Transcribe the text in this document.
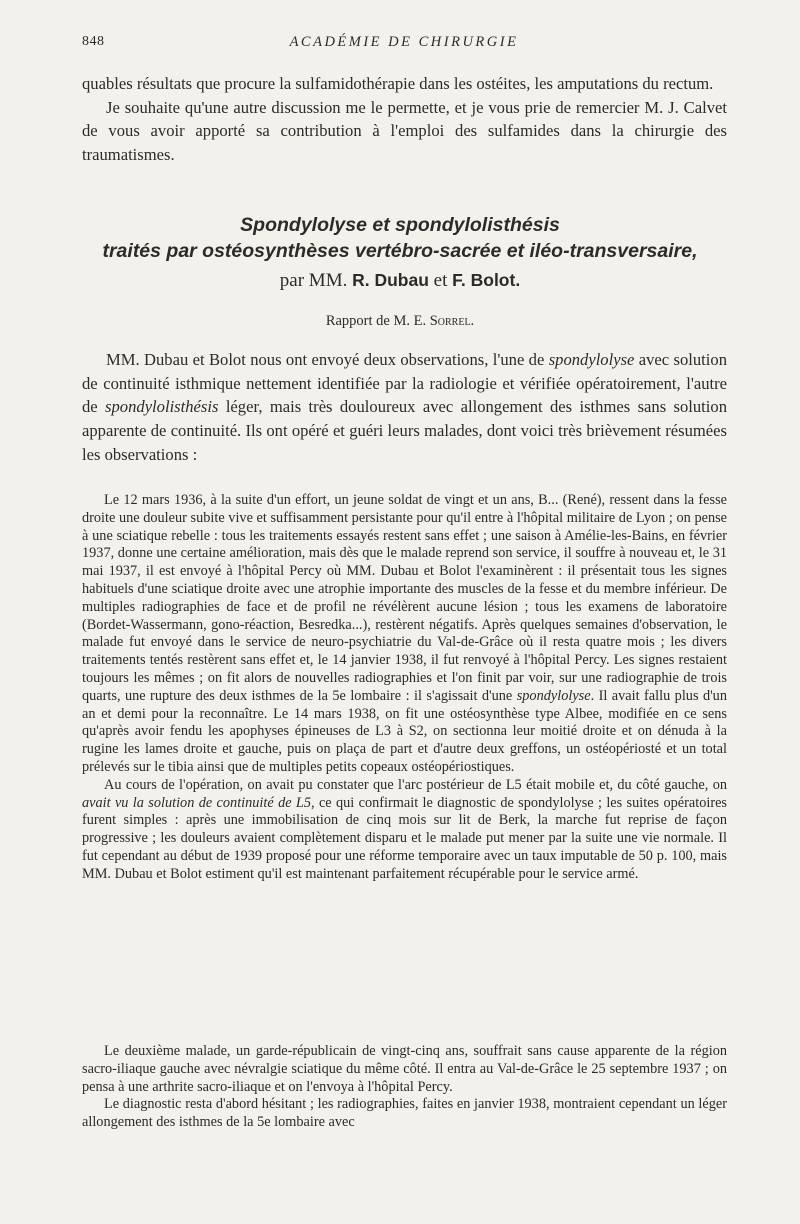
848	ACADÉMIE DE CHIRURGIE

quables résultats que procure la sulfamidothérapie dans les ostéites, les amputations du rectum.

Je souhaite qu'une autre discussion me le permette, et je vous prie de remercier M. J. Calvet de vous avoir apporté sa contribution à l'emploi des sulfamides dans la chirurgie des traumatismes.

Spondylolyse et spondylolisthésis
traités par ostéosynthèses vertébro-sacrée et iléo-transversaire,
par MM. R. Dubau et F. Bolot.
Rapport de M. E. Sorrel.

MM. Dubau et Bolot nous ont envoyé deux observations, l'une de spondylolyse avec solution de continuité isthmique nettement identifiée par la radiologie et vérifiée opératoirement, l'autre de spondylolisthésis léger, mais très douloureux avec allongement des isthmes sans solution apparente de continuité. Ils ont opéré et guéri leurs malades, dont voici très brièvement résumées les observations :

Le 12 mars 1936, à la suite d'un effort, un jeune soldat de vingt et un ans, B... (René), ressent dans la fesse droite une douleur subite vive et suffisamment persistante pour qu'il entre à l'hôpital militaire de Lyon ; on pense à une sciatique rebelle : tous les traitements essayés restent sans effet ; une saison à Amélie-les-Bains, en février 1937, donne une certaine amélioration, mais dès que le malade reprend son service, il souffre à nouveau et, le 31 mai 1937, il est envoyé à l'hôpital Percy où MM. Dubau et Bolot l'examinèrent : il présentait tous les signes habituels d'une sciatique droite avec une atrophie importante des muscles de la fesse et du membre inférieur. De multiples radiographies de face et de profil ne révélèrent aucune lésion ; tous les examens de laboratoire (Bordet-Wassermann, gono-réaction, Besredka...), restèrent négatifs. Après quelques semaines d'observation, le malade fut envoyé dans le service de neuro-psychiatrie du Val-de-Grâce où il resta quatre mois ; les divers traitements tentés restèrent sans effet et, le 14 janvier 1938, il fut renvoyé à l'hôpital Percy. Les signes restaient toujours les mêmes ; on fit alors de nouvelles radiographies et l'on finit par voir, sur une radiographie de trois quarts, une rupture des deux isthmes de la 5e lombaire : il s'agissait d'une spondylolyse. Il avait fallu plus d'un an et demi pour la reconnaître. Le 14 mars 1938, on fit une ostéosynthèse type Albee, modifiée en ce sens qu'après avoir fendu les apophyses épineuses de L3 à S2, on sectionna leur moitié droite et on dénuda à la rugine les lames droite et gauche, puis on plaça de part et d'autre deux greffons, un ostéopériosté et un total prélevés sur le tibia ainsi que de multiples petits copeaux ostéopériostiques.

Au cours de l'opération, on avait pu constater que l'arc postérieur de L5 était mobile et, du côté gauche, on avait vu la solution de continuité de L5, ce qui confirmait le diagnostic de spondylolyse ; les suites opératoires furent simples : après une immobilisation de cinq mois sur lit de Berk, la marche fut reprise de façon progressive ; les douleurs avaient complètement disparu et le malade put mener par la suite une vie normale. Il fut cependant au début de 1939 proposé pour une réforme temporaire avec un taux imputable de 50 p. 100, mais MM. Dubau et Bolot estiment qu'il est maintenant parfaitement récupérable pour le service armé.

Le deuxième malade, un garde-républicain de vingt-cinq ans, souffrait sans cause apparente de la région sacro-iliaque gauche avec névralgie sciatique du même côté. Il entra au Val-de-Grâce le 25 septembre 1937 ; on pensa à une arthrite sacro-iliaque et on l'envoya à l'hôpital Percy.

Le diagnostic resta d'abord hésitant ; les radiographies, faites en janvier 1938, montraient cependant un léger allongement des isthmes de la 5e lombaire avec
